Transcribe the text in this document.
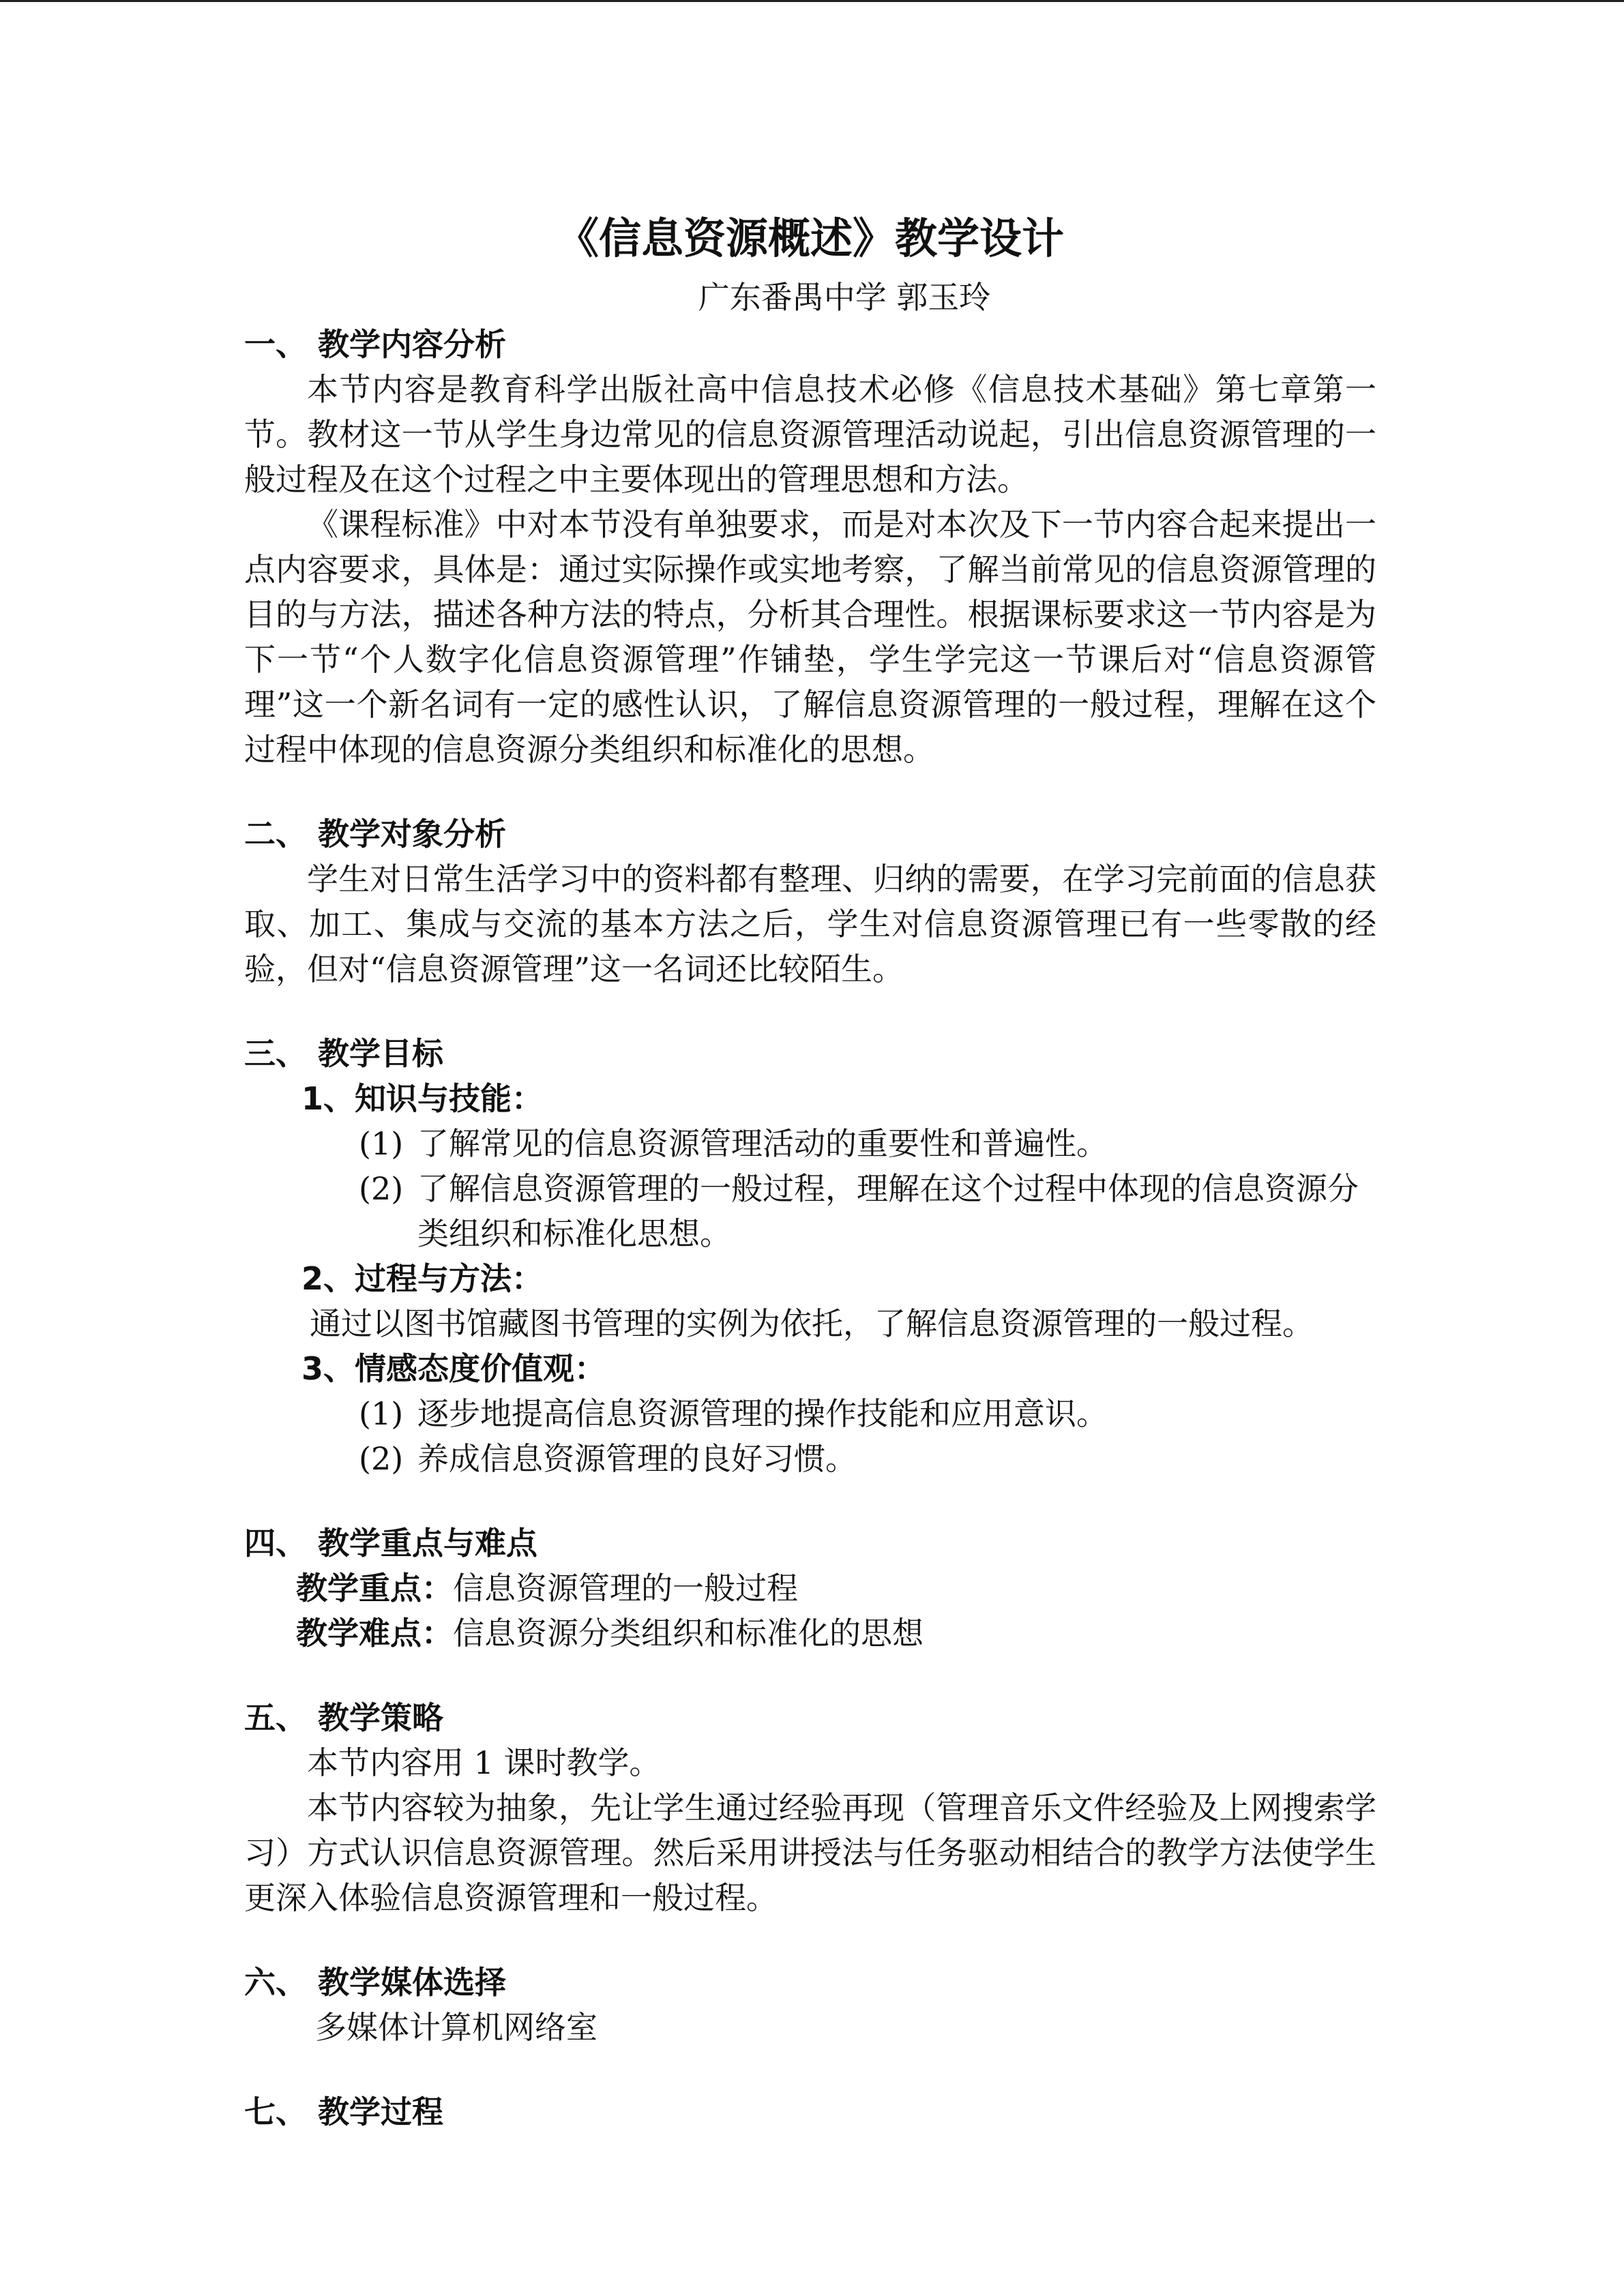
《信息资源概述》教学设计
广东番禺中学 郭玉玲
一、 教学内容分析

本节内容是教育科学出版社高中信息技术必修《信息技术基础》第七章第一节。教材这一节从学生身边常见的信息资源管理活动说起，引出信息资源管理的一般过程及在这个过程之中主要体现出的管理思想和方法。

《课程标准》中对本节没有单独要求，而是对本次及下一节内容合起来提出一点内容要求，具体是：通过实际操作或实地考察，了解当前常见的信息资源管理的目的与方法，描述各种方法的特点，分析其合理性。根据课标要求这一节内容是为下一节“个人数字化信息资源管理”作铺垫，学生学完这一节课后对“信息资源管理”这一个新名词有一定的感性认识，了解信息资源管理的一般过程，理解在这个过程中体现的信息资源分类组织和标准化的思想。

二、 教学对象分析

学生对日常生活学习中的资料都有整理、归纳的需要，在学习完前面的信息获取、加工、集成与交流的基本方法之后，学生对信息资源管理已有一些零散的经验，但对“信息资源管理”这一名词还比较陌生。

三、 教学目标
1、知识与技能：
(1) 了解常见的信息资源管理活动的重要性和普遍性。
(2) 了解信息资源管理的一般过程，理解在这个过程中体现的信息资源分类组织和标准化思想。
2、过程与方法：

通过以图书馆藏图书管理的实例为依托，了解信息资源管理的一般过程。

3、情感态度价值观：
(1) 逐步地提高信息资源管理的操作技能和应用意识。
(2) 养成信息资源管理的良好习惯。
四、 教学重点与难点

教学重点：信息资源管理的一般过程

教学难点：信息资源分类组织和标准化的思想

五、 教学策略

本节内容用 1 课时教学。

本节内容较为抽象，先让学生通过经验再现（管理音乐文件经验及上网搜索学习）方式认识信息资源管理。然后采用讲授法与任务驱动相结合的教学方法使学生更深入体验信息资源管理和一般过程。

六、 教学媒体选择

多媒体计算机网络室

七、 教学过程
